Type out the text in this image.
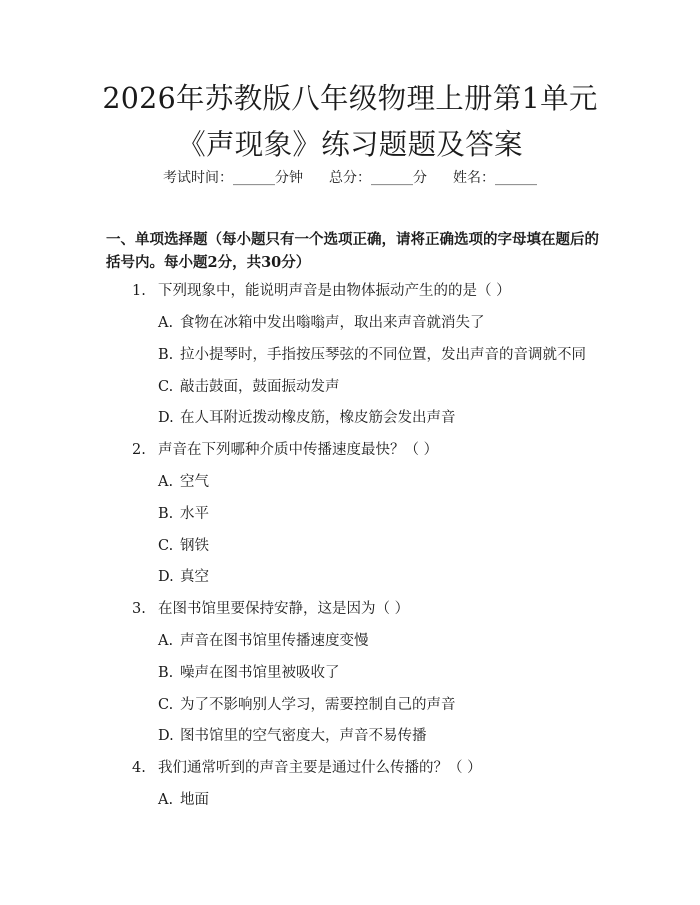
2026年苏教版八年级物理上册第1单元《声现象》练习题题及答案
考试时间：______分钟 总分：______分 姓名：______

一、单项选择题（每小题只有一个选项正确，请将正确选项的字母填在题后的括号内。每小题2分，共30分）

1. 下列现象中，能说明声音是由物体振动产生的的是（ ）
A. 食物在冰箱中发出嗡嗡声，取出来声音就消失了
B. 拉小提琴时，手指按压琴弦的不同位置，发出声音的音调就不同
C. 敲击鼓面，鼓面振动发声
D. 在人耳附近拨动橡皮筋，橡皮筋会发出声音
2. 声音在下列哪种介质中传播速度最快？（ ）
A. 空气
B. 水平
C. 钢铁
D. 真空
3. 在图书馆里要保持安静，这是因为（ ）
A. 声音在图书馆里传播速度变慢
B. 噪声在图书馆里被吸收了
C. 为了不影响别人学习，需要控制自己的声音
D. 图书馆里的空气密度大，声音不易传播
4. 我们通常听到的声音主要是通过什么传播的？（ ）
A. 地面
